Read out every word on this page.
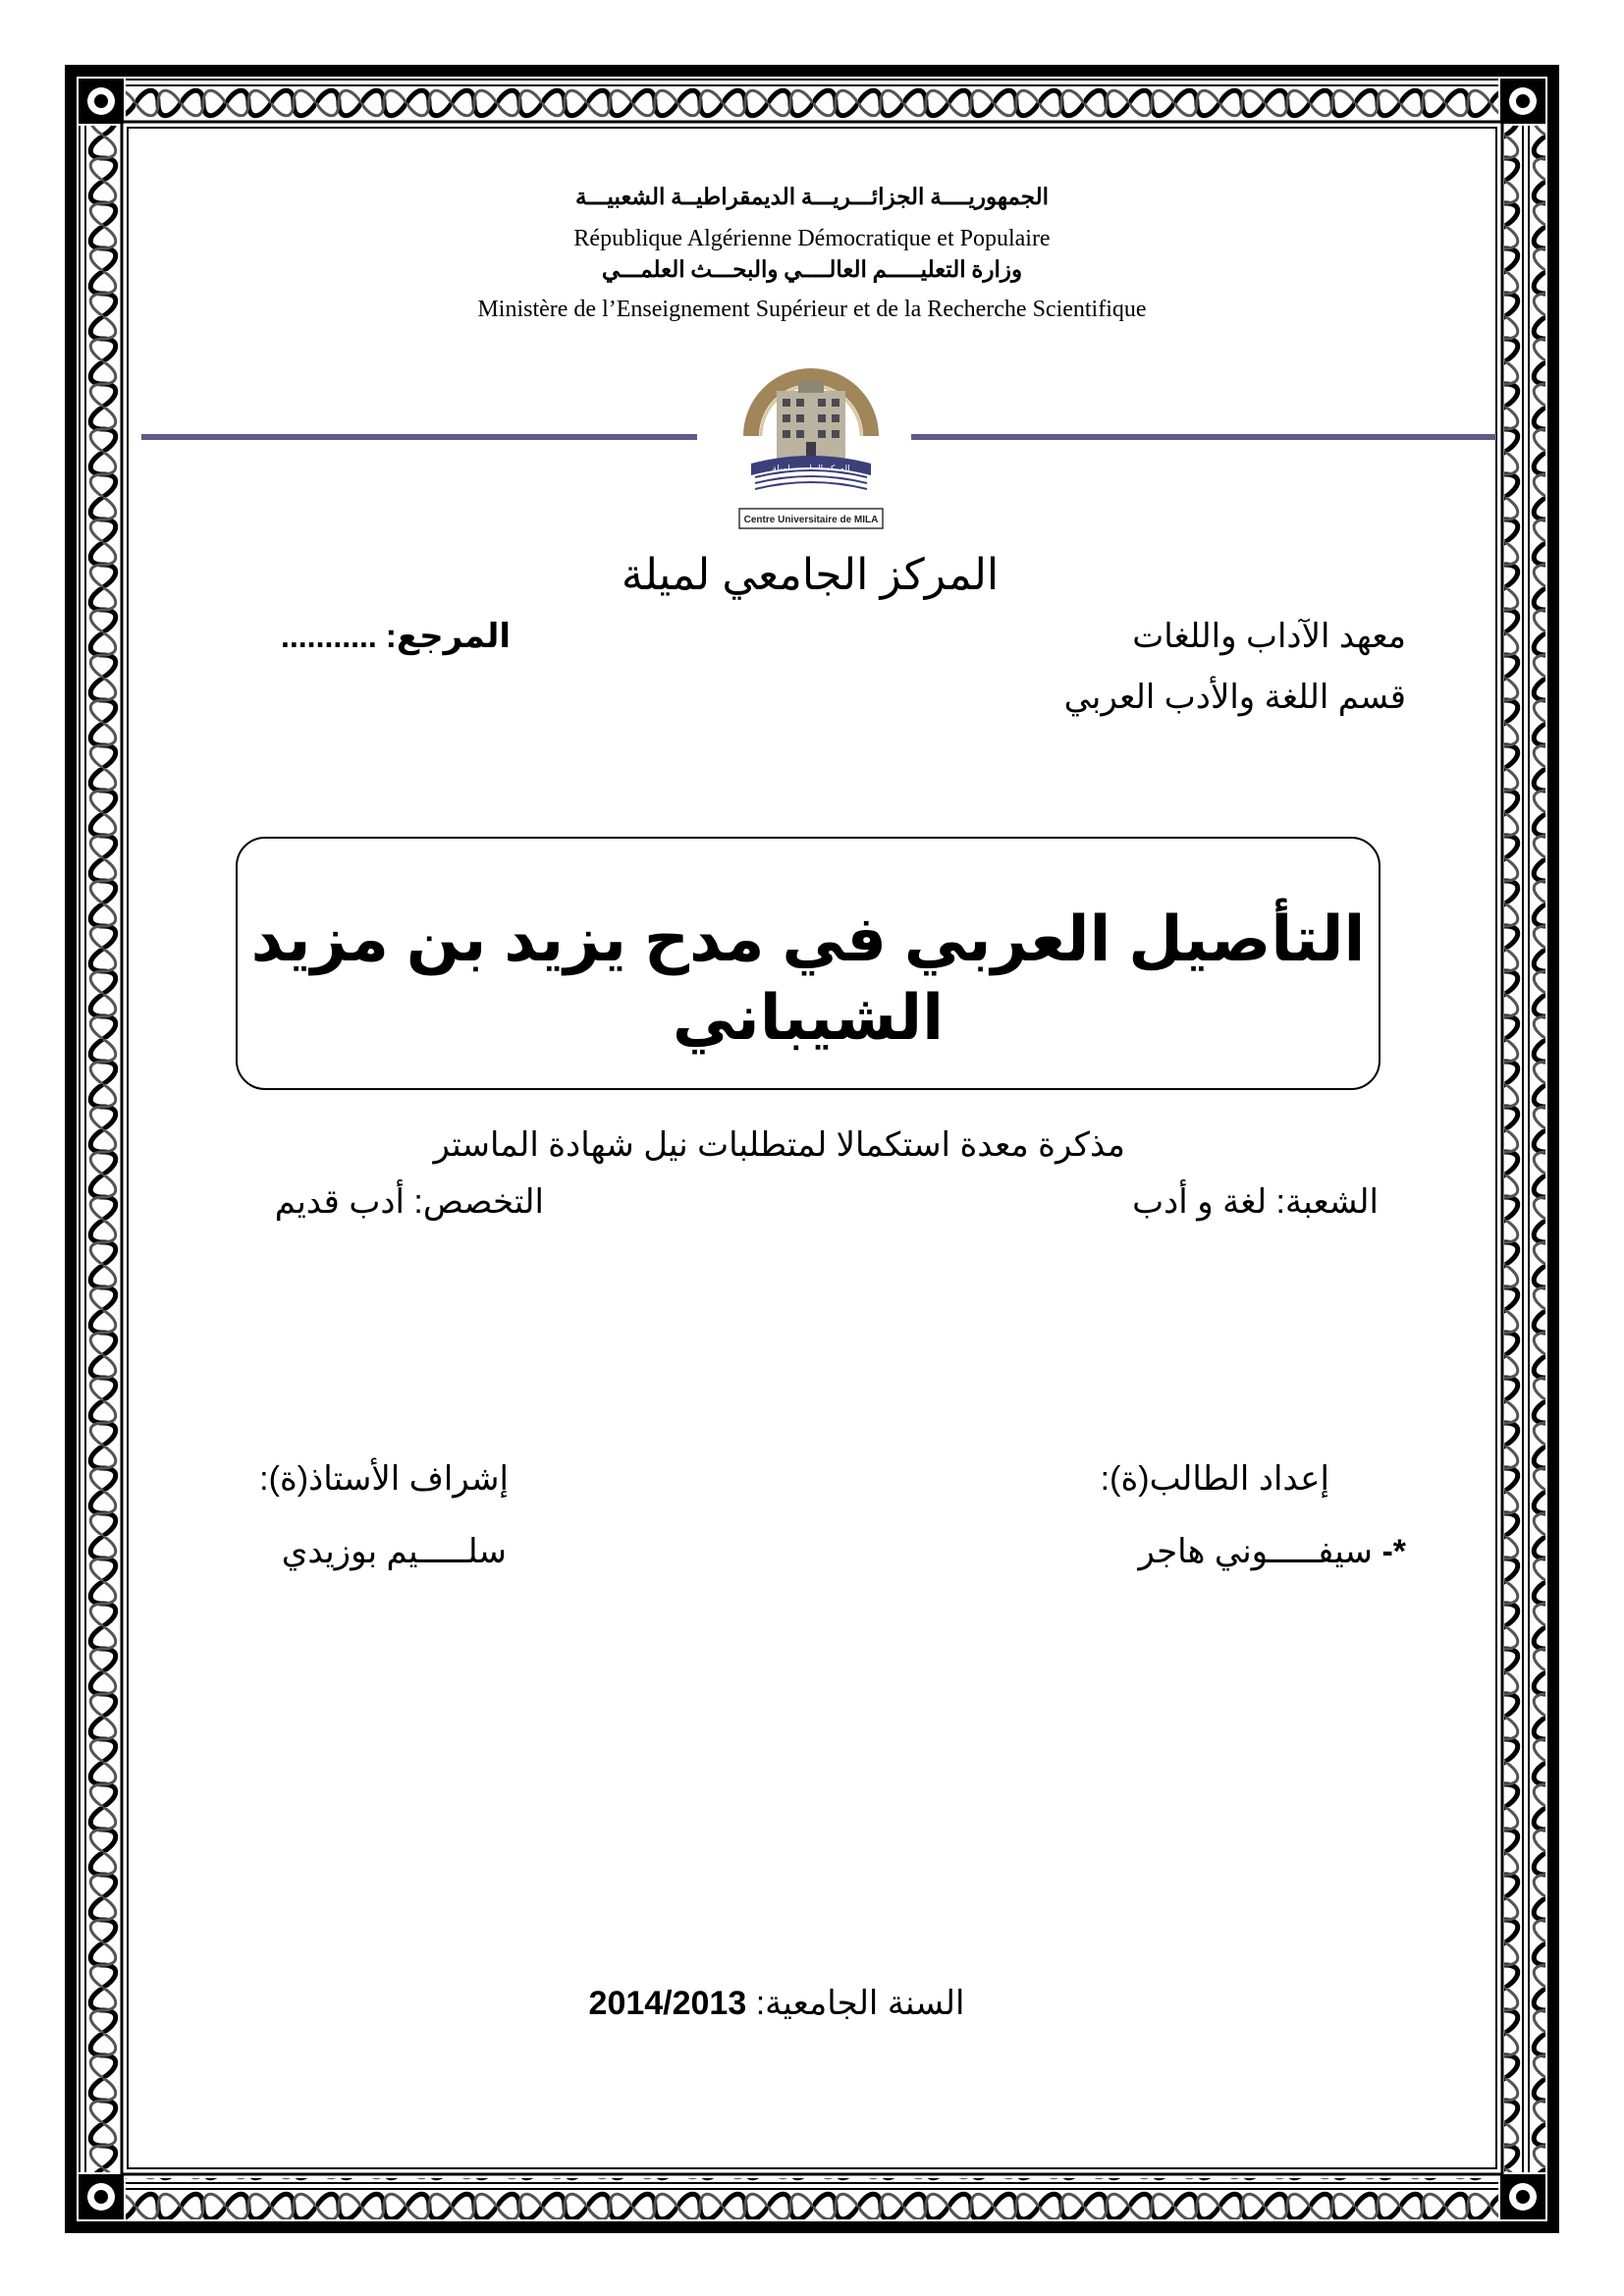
الجمهوريــــة الجزائـــريـــة الديمقراطيــة الشعبيـــة
République Algérienne Démocratique et Populaire
وزارة التعليـــــم العالــــي والبحـــث العلمـــي
Ministère de l’Enseignement Supérieur et de la Recherche Scientifique
المركز الجامعي لميلة
Centre Universitaire de MILA
المركز الجامعي لميلة
معهد الآداب واللغات
المرجع:
...........
قسم اللغة والأدب العربي
التأصيل العربي في مدح يزيد بن مزيد
الشيباني
مذكرة معدة استكمالا لمتطلبات نيل شهادة الماستر
الشعبة: لغة و أدب
التخصص: أدب قديم
إعداد الطالب(ة):
إشراف الأستاذ(ة):
*- سيفـــــوني هاجر
سلـــــيم بوزيدي
السنة الجامعية: 2014/2013
